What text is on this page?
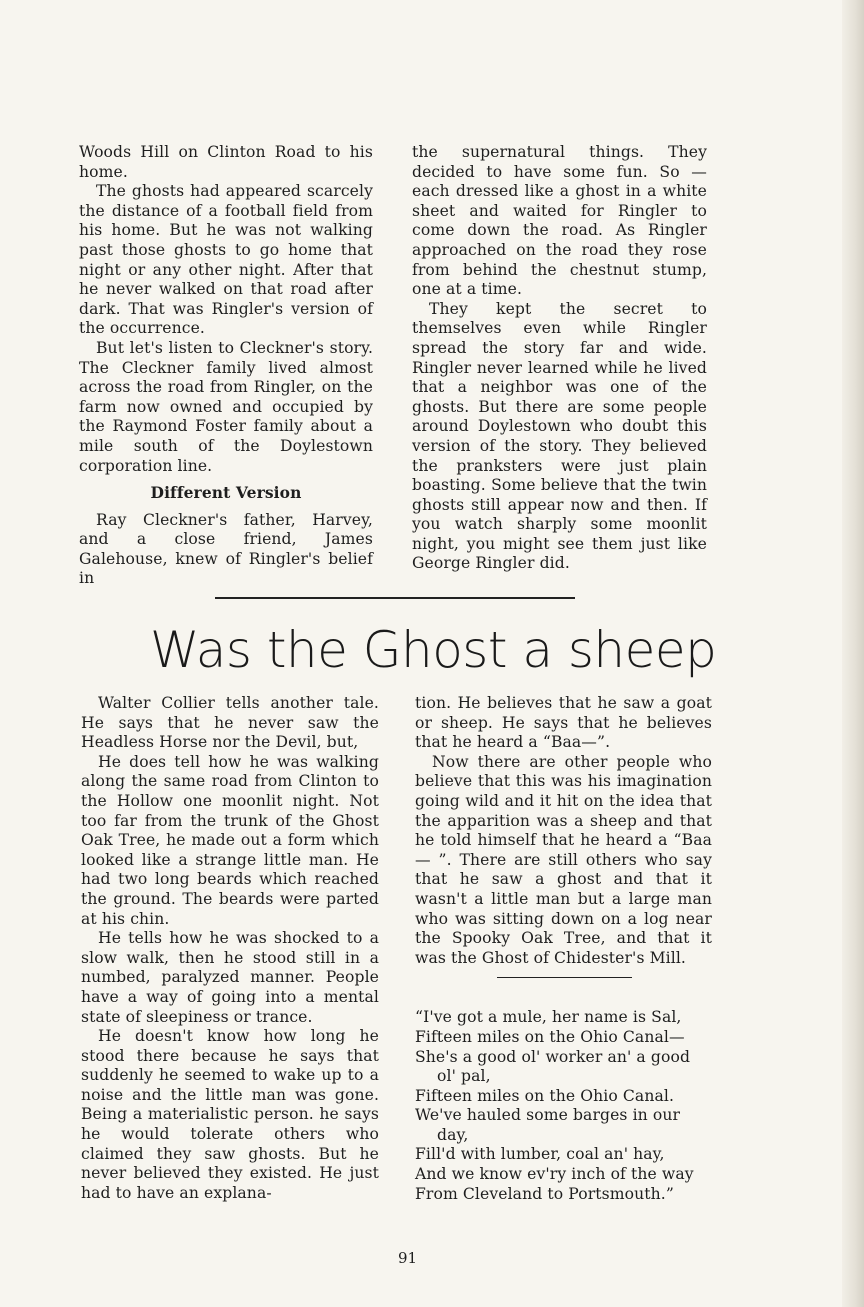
Woods Hill on Clinton Road to his home.

The ghosts had appeared scarcely the distance of a football field from his home. But he was not walking past those ghosts to go home that night or any other night. After that he never walked on that road after dark. That was Ringler's version of the occurrence.

But let's listen to Cleckner's story. The Cleckner family lived almost across the road from Ringler, on the farm now owned and occupied by the Raymond Foster family about a mile south of the Doylestown corporation line.

Different Version

Ray Cleckner's father, Harvey, and a close friend, James Galehouse, knew of Ringler's belief in

the supernatural things. They decided to have some fun. So — each dressed like a ghost in a white sheet and waited for Ringler to come down the road. As Ringler approached on the road they rose from behind the chestnut stump, one at a time.

They kept the secret to themselves even while Ringler spread the story far and wide. Ringler never learned while he lived that a neighbor was one of the ghosts. But there are some people around Doylestown who doubt this version of the story. They believed the pranksters were just plain boasting. Some believe that the twin ghosts still appear now and then. If you watch sharply some moonlit night, you might see them just like George Ringler did.

Was the Ghost a sheep

Walter Collier tells another tale. He says that he never saw the Headless Horse nor the Devil, but,

He does tell how he was walking along the same road from Clinton to the Hollow one moonlit night. Not too far from the trunk of the Ghost Oak Tree, he made out a form which looked like a strange little man. He had two long beards which reached the ground. The beards were parted at his chin.

He tells how he was shocked to a slow walk, then he stood still in a numbed, paralyzed manner. People have a way of going into a mental state of sleepiness or trance.

He doesn't know how long he stood there because he says that suddenly he seemed to wake up to a noise and the little man was gone. Being a materialistic person. he says he would tolerate others who claimed they saw ghosts. But he never believed they existed. He just had to have an explana-

tion. He believes that he saw a goat or sheep. He says that he believes that he heard a “Baa—”.

Now there are other people who believe that this was his imagination going wild and it hit on the idea that the apparition was a sheep and that he told himself that he heard a “Baa — ”. There are still others who say that he saw a ghost and that it wasn't a little man but a large man who was sitting down on a log near the Spooky Oak Tree, and that it was the Ghost of Chidester's Mill.

“I've got a mule, her name is Sal,
Fifteen miles on the Ohio Canal—
She's a good ol' worker an' a good
ol' pal,
Fifteen miles on the Ohio Canal.
We've hauled some barges in our
day,
Fill'd with lumber, coal an' hay,
And we know ev'ry inch of the way
From Cleveland to Portsmouth.”
91
